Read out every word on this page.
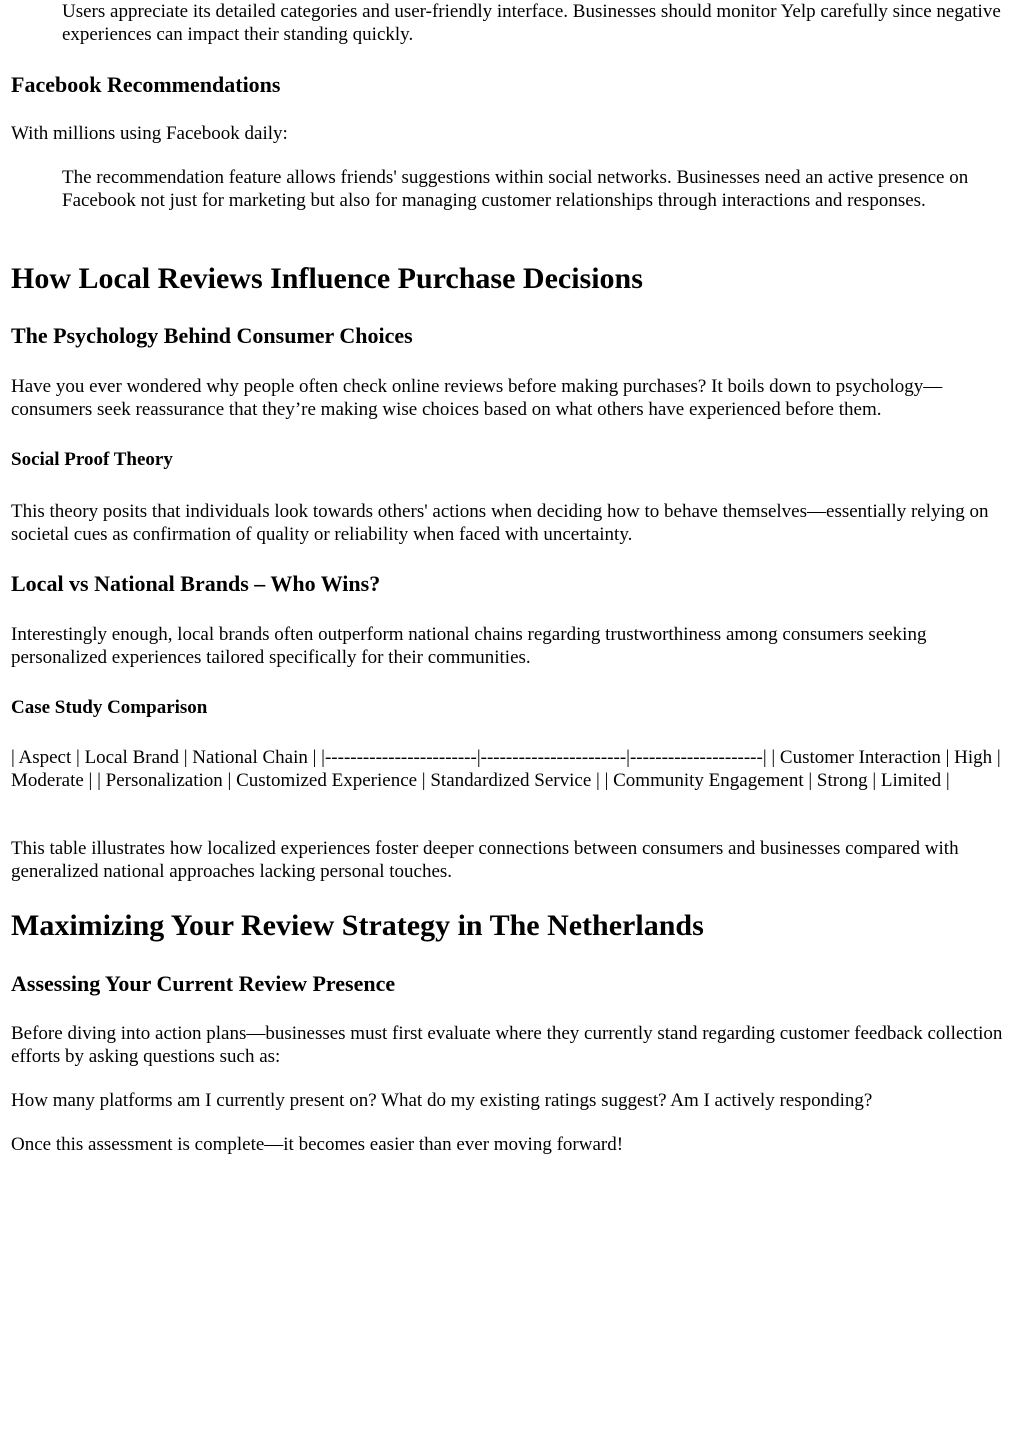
Users appreciate its detailed categories and user-friendly interface. Businesses should monitor Yelp carefully since negative experiences can impact their standing quickly.
Facebook Recommendations

With millions using Facebook daily:

The recommendation feature allows friends' suggestions within social networks. Businesses need an active presence on Facebook not just for marketing but also for managing customer relationships through interactions and responses.
How Local Reviews Influence Purchase Decisions
The Psychology Behind Consumer Choices

Have you ever wondered why people often check online reviews before making purchases? It boils down to psychology—consumers seek reassurance that they’re making wise choices based on what others have experienced before them.

Social Proof Theory

This theory posits that individuals look towards others' actions when deciding how to behave themselves—essentially relying on societal cues as confirmation of quality or reliability when faced with uncertainty.

Local vs National Brands – Who Wins?

Interestingly enough, local brands often outperform national chains regarding trustworthiness among consumers seeking personalized experiences tailored specifically for their communities.

Case Study Comparison

| Aspect | Local Brand | National Chain | |------------------------|-----------------------|---------------------| | Customer Interaction | High | Moderate | | Personalization | Customized Experience | Standardized Service | | Community Engagement | Strong | Limited |

This table illustrates how localized experiences foster deeper connections between consumers and businesses compared with generalized national approaches lacking personal touches.

Maximizing Your Review Strategy in The Netherlands
Assessing Your Current Review Presence

Before diving into action plans—businesses must first evaluate where they currently stand regarding customer feedback collection efforts by asking questions such as:

How many platforms am I currently present on? What do my existing ratings suggest? Am I actively responding?

Once this assessment is complete—it becomes easier than ever moving forward!
